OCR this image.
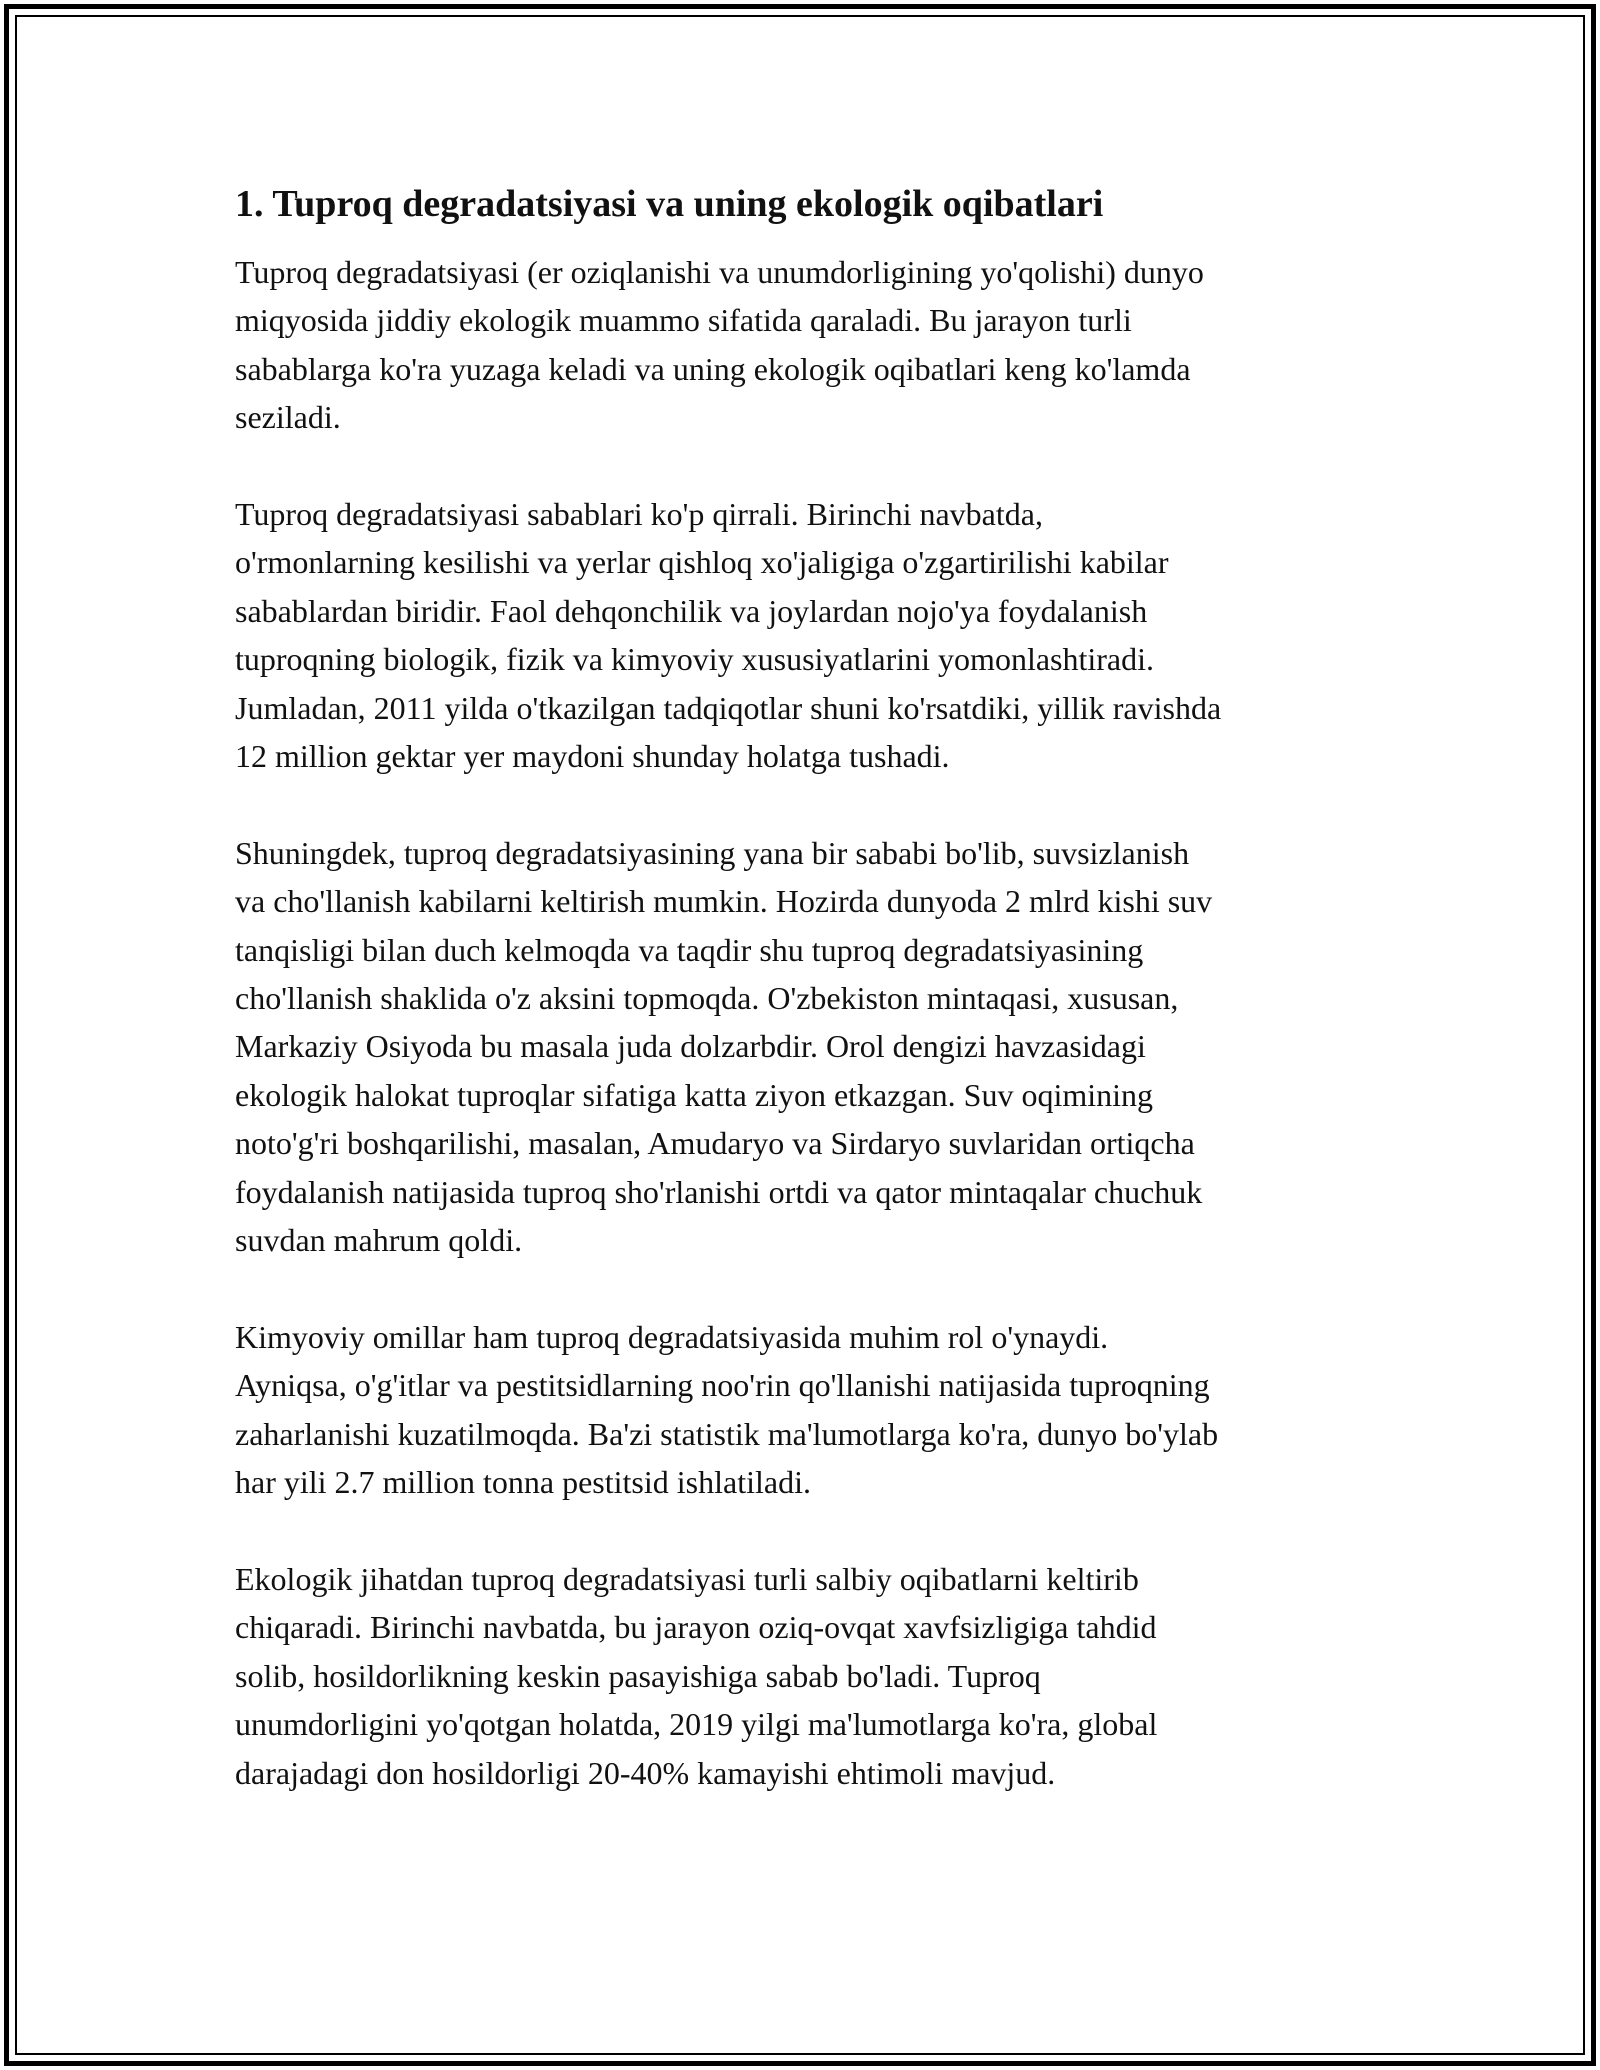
1. Tuproq degradatsiyasi va uning ekologik oqibatlari

Tuproq degradatsiyasi (er oziqlanishi va unumdorligining yo'qolishi) dunyo
miqyosida jiddiy ekologik muammo sifatida qaraladi. Bu jarayon turli
sabablarga ko'ra yuzaga keladi va uning ekologik oqibatlari keng ko'lamda
seziladi.

Tuproq degradatsiyasi sabablari ko'p qirrali. Birinchi navbatda,
o'rmonlarning kesilishi va yerlar qishloq xo'jaligiga o'zgartirilishi kabilar
sabablardan biridir. Faol dehqonchilik va joylardan nojo'ya foydalanish
tuproqning biologik, fizik va kimyoviy xususiyatlarini yomonlashtiradi.
Jumladan, 2011 yilda o'tkazilgan tadqiqotlar shuni ko'rsatdiki, yillik ravishda
12 million gektar yer maydoni shunday holatga tushadi.

Shuningdek, tuproq degradatsiyasining yana bir sababi bo'lib, suvsizlanish
va cho'llanish kabilarni keltirish mumkin. Hozirda dunyoda 2 mlrd kishi suv
tanqisligi bilan duch kelmoqda va taqdir shu tuproq degradatsiyasining
cho'llanish shaklida o'z aksini topmoqda. O'zbekiston mintaqasi, xususan,
Markaziy Osiyoda bu masala juda dolzarbdir. Orol dengizi havzasidagi
ekologik halokat tuproqlar sifatiga katta ziyon etkazgan. Suv oqimining
noto'g'ri boshqarilishi, masalan, Amudaryo va Sirdaryo suvlaridan ortiqcha
foydalanish natijasida tuproq sho'rlanishi ortdi va qator mintaqalar chuchuk
suvdan mahrum qoldi.

Kimyoviy omillar ham tuproq degradatsiyasida muhim rol o'ynaydi.
Ayniqsa, o'g'itlar va pestitsidlarning noo'rin qo'llanishi natijasida tuproqning
zaharlanishi kuzatilmoqda. Ba'zi statistik ma'lumotlarga ko'ra, dunyo bo'ylab
har yili 2.7 million tonna pestitsid ishlatiladi.

Ekologik jihatdan tuproq degradatsiyasi turli salbiy oqibatlarni keltirib
chiqaradi. Birinchi navbatda, bu jarayon oziq-ovqat xavfsizligiga tahdid
solib, hosildorlikning keskin pasayishiga sabab bo'ladi. Tuproq
unumdorligini yo'qotgan holatda, 2019 yilgi ma'lumotlarga ko'ra, global
darajadagi don hosildorligi 20-40% kamayishi ehtimoli mavjud.
